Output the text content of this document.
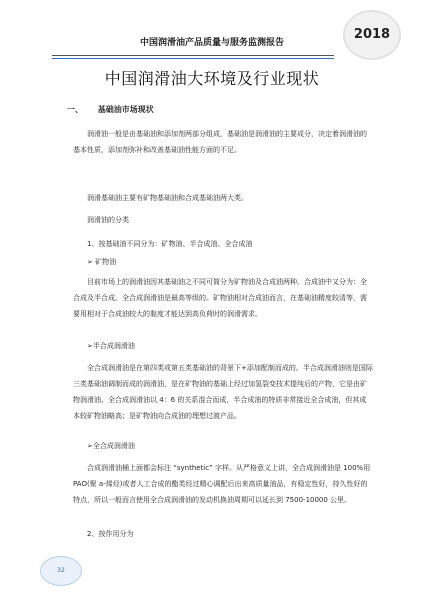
中国润滑油产品质量与服务监测报告
2018
中国润滑油大环境及行业现状
一、 基础油市场现状

润滑油一般是由基础油和添加剂两部分组成，基础油是润滑油的主要成分，决定着润滑油的基本性质，添加剂弥补和改善基础油性能方面的不足。

润滑基础油主要有矿物基础油和合成基础油两大类。

润滑油的分类

1、按基础油不同分为：矿物油、半合成油、全合成油

➢ 矿物油

目前市场上的润滑油因其基础油之不同可简分为矿物油及合成油两种。合成油中又分为：全合成及半合成。全合成润滑油是最高等级的。矿物油相对合成油而言，在基础油精度较清等，需要用相对于合成油较大的黏度才能达到高负荷时的润滑需求。

➢半合成润滑油

全合成润滑油是在第四类或第五类基础油的背景下+添加配制而成的。半合成润滑油则是国际三类基础油调制而成的润滑油，是在矿物油的基础上经过加氢裂变技术提纯后的产物，它是由矿物润滑油、全合成润滑油以 4：6 的关系混合而成，半合成油的特质非常接近全合成油，但其成本较矿物油略高；是矿物油向合成油的理想过渡产品。

➢全合成润滑油

合成润滑油桶上面都会标注 “synthetic” 字样。从严格意义上讲，全合成润滑油是 100%用 PAO(聚 a-烯烃)或者人工合成的酯类经过精心调配后出来高质量油品，有稳定性好，持久性好的特点，所以一般而言使用全合成润滑油的发动机换油周期可以延长到 7500-10000 公里。

2、按作用分为

32
